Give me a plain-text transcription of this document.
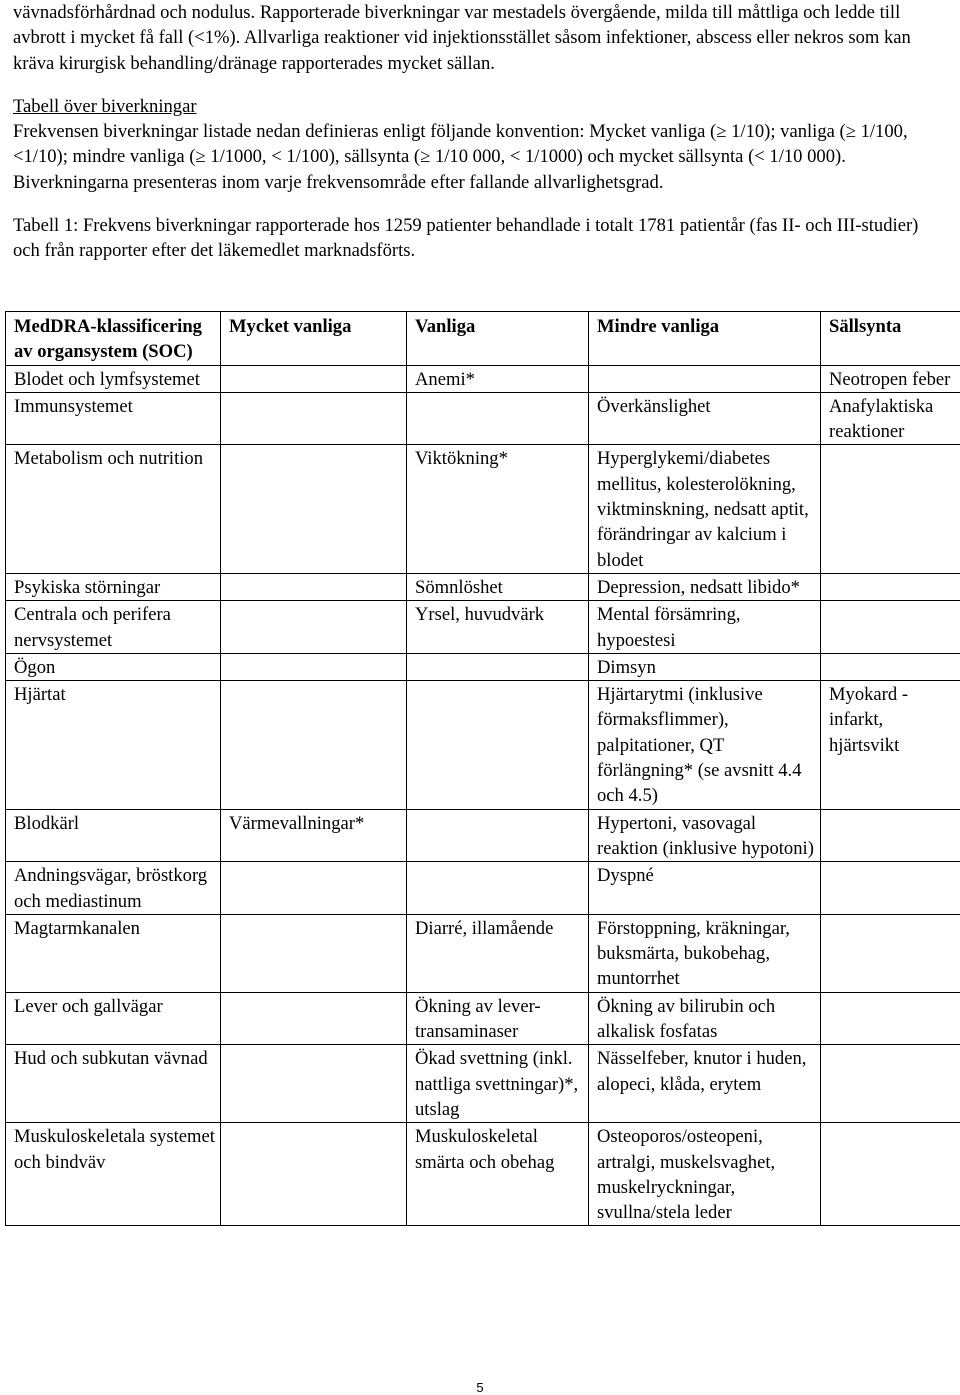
vävnadsförhårdnad och nodulus. Rapporterade biverkningar var mestadels övergående, milda till måttliga och ledde till avbrott i mycket få fall (<1%). Allvarliga reaktioner vid injektionsstället såsom infektioner, abscess eller nekros som kan kräva kirurgisk behandling/dränage rapporterades mycket sällan.

Tabell över biverkningar

Frekvensen biverkningar listade nedan definieras enligt följande konvention: Mycket vanliga (≥ 1/10); vanliga (≥ 1/100, <1/10); mindre vanliga (≥ 1/1000, < 1/100), sällsynta (≥ 1/10 000, < 1/1000) och mycket sällsynta (< 1/10 000). Biverkningarna presenteras inom varje frekvensområde efter fallande allvarlighetsgrad.

Tabell 1: Frekvens biverkningar rapporterade hos 1259 patienter behandlade i totalt 1781 patientår (fas II- och III-studier) och från rapporter efter det läkemedlet marknadsförts.

MedDRA-klassificering av organsystem (SOC)	Mycket vanliga	Vanliga	Mindre vanliga	Sällsynta
Blodet och lymfsystemet		Anemi*		Neotropen feber
Immunsystemet			Överkänslighet	Anafylaktiska reaktioner
Metabolism och nutrition		Viktökning*	Hyperglykemi/diabetes mellitus, kolesterolökning, viktminskning, nedsatt aptit, förändringar av kalcium i blodet	
Psykiska störningar		Sömnlöshet	Depression, nedsatt libido*	
Centrala och perifera nervsystemet		Yrsel, huvudvärk	Mental försämring, hypoestesi	
Ögon			Dimsyn	
Hjärtat			Hjärtarytmi (inklusive förmaksflimmer), palpitationer, QT förlängning* (se avsnitt 4.4 och 4.5)	Myokard -infarkt, hjärtsvikt
Blodkärl	Värmevallningar*		Hypertoni, vasovagal reaktion (inklusive hypotoni)	
Andningsvägar, bröstkorg och mediastinum			Dyspné	
Magtarmkanalen		Diarré, illamående	Förstoppning, kräkningar, buksmärta, bukobehag, muntorrhet	
Lever och gallvägar		Ökning av lever-transaminaser	Ökning av bilirubin och alkalisk fosfatas	
Hud och subkutan vävnad		Ökad svettning (inkl. nattliga svettningar)*, utslag	Nässelfeber, knutor i huden, alopeci, klåda, erytem	
Muskuloskeletala systemet och bindväv		Muskuloskeletal smärta och obehag	Osteoporos/osteopeni, artralgi, muskelsvaghet, muskelryckningar, svullna/stela leder	
5
